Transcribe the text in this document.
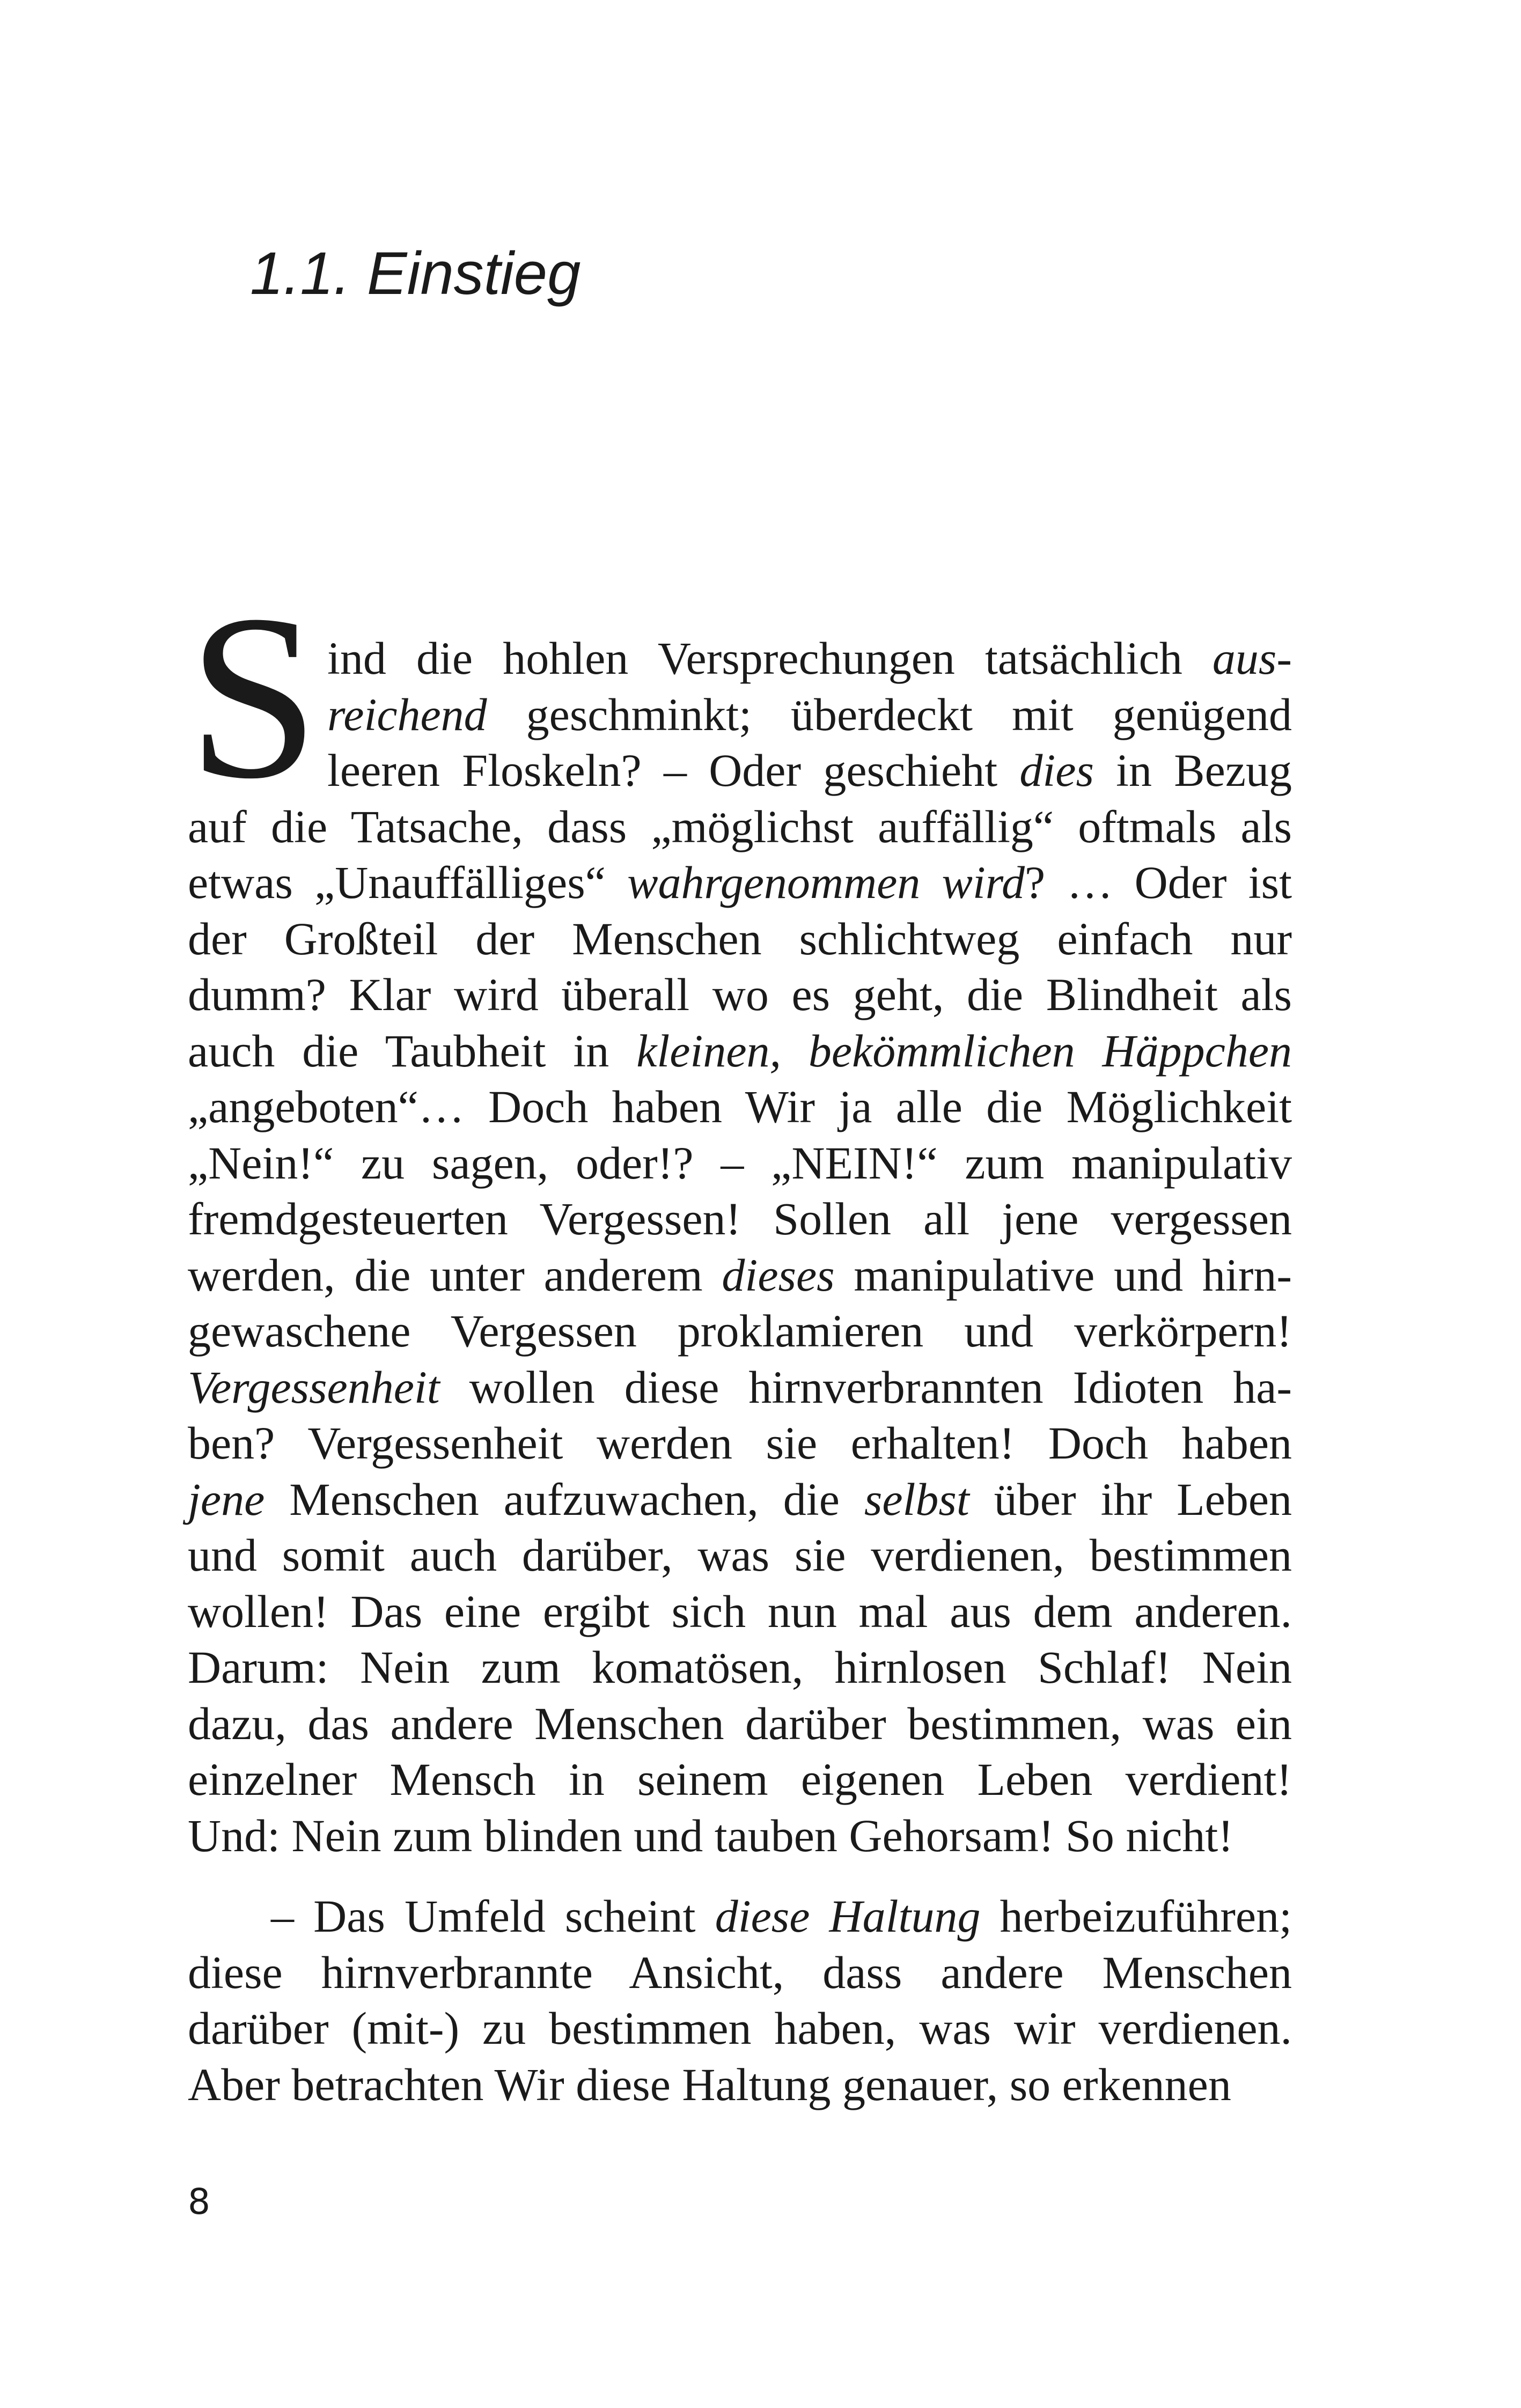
1.1. Einstieg
S ind die hohlen Versprechungen tatsächlich aus-
reichend geschminkt; überdeckt mit genügend
leeren Floskeln? – Oder geschieht dies in Bezug
auf die Tatsache, dass „möglichst auffällig“ oftmals als
etwas „Unauffälliges“ wahrgenommen wird? … Oder ist
der Großteil der Menschen schlichtweg einfach nur
dumm? Klar wird überall wo es geht, die Blindheit als
auch die Taubheit in kleinen, bekömmlichen Häppchen
„angeboten“… Doch haben Wir ja alle die Möglichkeit
„Nein!“ zu sagen, oder!? – „NEIN!“ zum manipulativ
fremdgesteuerten Vergessen! Sollen all jene vergessen
werden, die unter anderem dieses manipulative und hirn-
gewaschene Vergessen proklamieren und verkörpern!
Vergessenheit wollen diese hirnverbrannten Idioten ha-
ben? Vergessenheit werden sie erhalten! Doch haben
jene Menschen aufzuwachen, die selbst über ihr Leben
und somit auch darüber, was sie verdienen, bestimmen
wollen! Das eine ergibt sich nun mal aus dem anderen.
Darum: Nein zum komatösen, hirnlosen Schlaf! Nein
dazu, das andere Menschen darüber bestimmen, was ein
einzelner Mensch in seinem eigenen Leben verdient!
Und: Nein zum blinden und tauben Gehorsam! So nicht!
– Das Umfeld scheint diese Haltung herbeizuführen;
diese hirnverbrannte Ansicht, dass andere Menschen
darüber (mit-) zu bestimmen haben, was wir verdienen.
Aber betrachten Wir diese Haltung genauer, so erkennen
8
